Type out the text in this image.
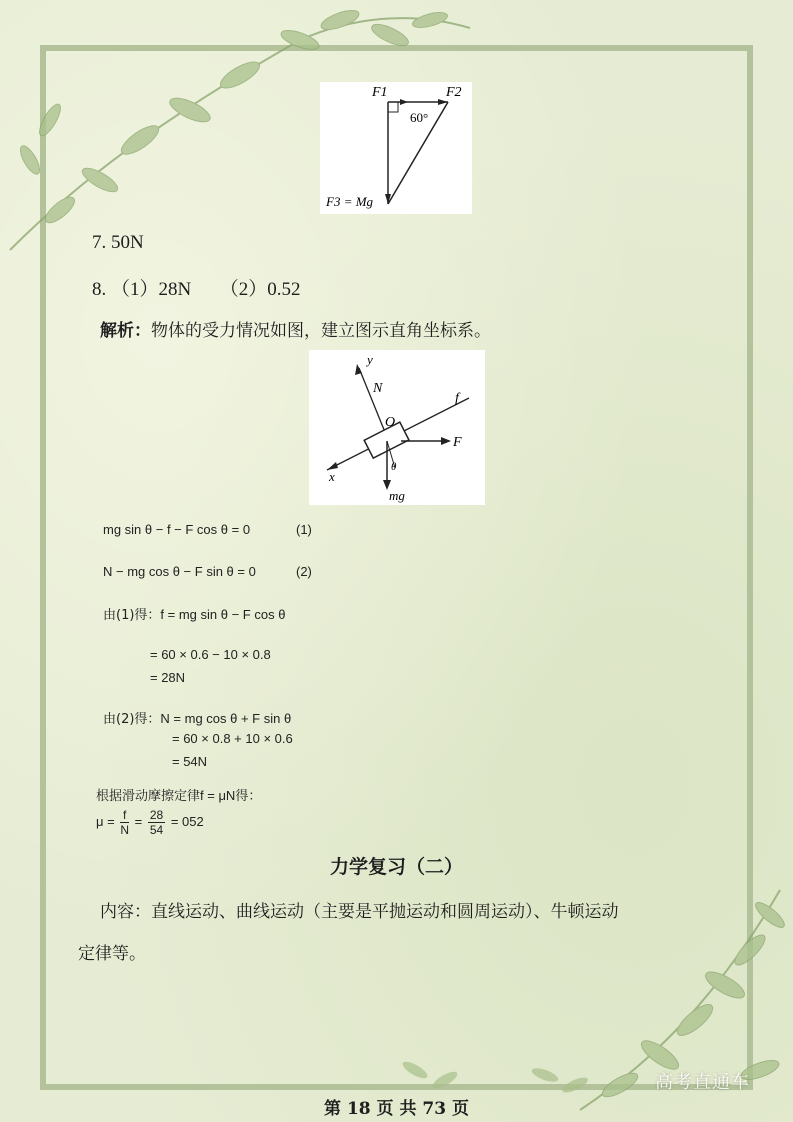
F1	F2
60°
F3 = Mg
7. 50N
8. （1）28N　　（2）0.52
解析：物体的受力情况如图，建立图示直角坐标系。
y
N
O
f
F
x
θ
mg
mg sin θ − f − F cos θ = 0	(1)
N − mg cos θ − F sin θ = 0	(2)
由(1)得：f = mg sin θ − F cos θ
= 60 × 0.6 − 10 × 0.8
= 28N
由(2)得：N = mg cos θ + F sin θ
= 60 × 0.8 + 10 × 0.6
= 54N
根据滑动摩擦定律f = μN得：
$\mu = \frac{f}{N} = \frac{28}{54} = 052$
力学复习（二）
内容：直线运动、曲线运动（主要是平抛运动和圆周运动）、牛顿运动
定律等。
第 18 页 共 73 页
高考直通车
